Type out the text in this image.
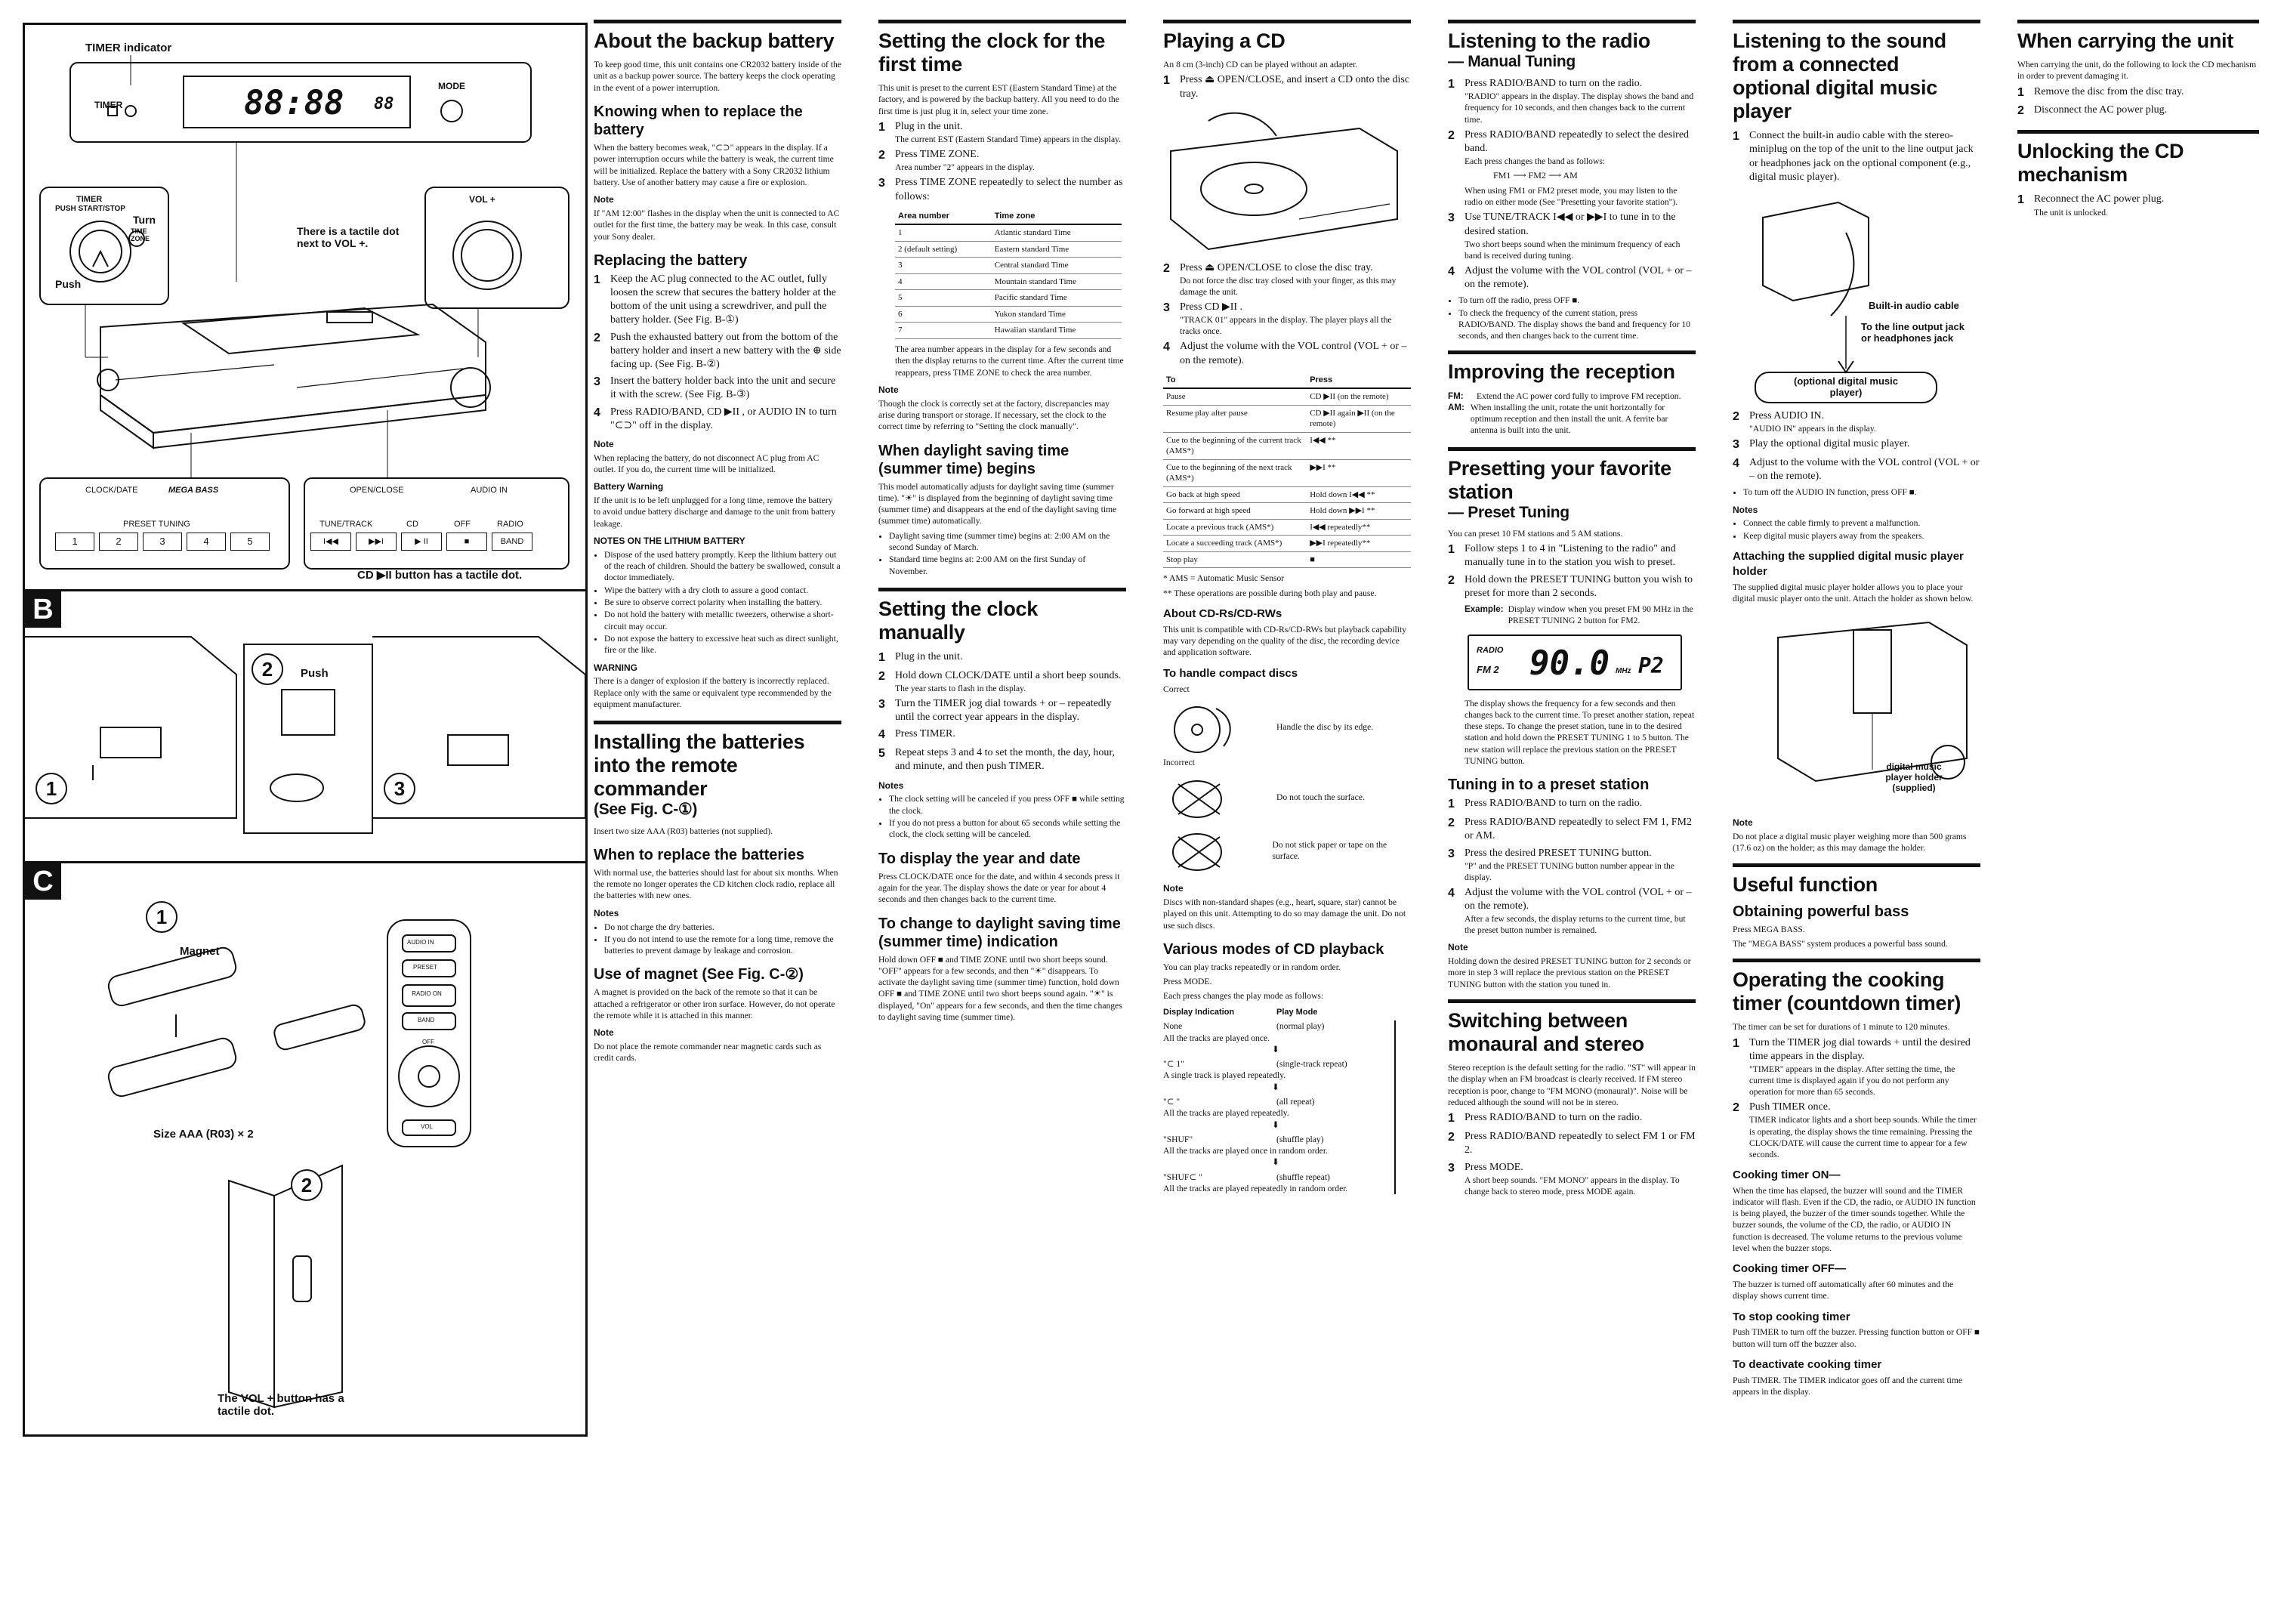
TIMER indicator
TIMER
MODE
88:88 88
TIMER
PUSH START/STOP
Turn
TIME ZONE
Push
VOL +
There is a tactile dot next to VOL +.
CLOCK/DATE	MEGA BASS
PRESET TUNING
1	2	3	4	5
OPEN/CLOSE	AUDIO IN
TUNE/TRACK	CD	OFF	RADIO
I◀◀	▶▶I	▶ II	■	BAND
CD ▶II button has a tactile dot.
B
1
2	Push
3
C
1
Magnet
Size AAA (R03) × 2
AUDIO IN
PRESET
RADIO ON
BAND
OFF
VOL
2
The VOL + button has a tactile dot.
About the backup battery

To keep good time, this unit contains one CR2032 battery inside of the unit as a backup power source. The battery keeps the clock operating in the event of a power interruption.

Knowing when to replace the battery

When the battery becomes weak, "⊂⊃" appears in the display. If a power interruption occurs while the battery is weak, the current time will be initialized. Replace the battery with a Sony CR2032 lithium battery. Use of another battery may cause a fire or explosion.

Note

If "AM 12:00" flashes in the display when the unit is connected to AC outlet for the first time, the battery may be weak. In this case, consult your Sony dealer.

Replacing the battery
1 Keep the AC plug connected to the AC outlet, fully loosen the screw that secures the battery holder at the bottom of the unit using a screwdriver, and pull the battery holder. (See Fig. B-①)
2 Push the exhausted battery out from the bottom of the battery holder and insert a new battery with the ⊕ side facing up. (See Fig. B-②)
3 Insert the battery holder back into the unit and secure it with the screw. (See Fig. B-③)
4 Press RADIO/BAND, CD ▶II , or AUDIO IN to turn "⊂⊃" off in the display.
Note

When replacing the battery, do not disconnect AC plug from AC outlet. If you do, the current time will be initialized.

Battery Warning

If the unit is to be left unplugged for a long time, remove the battery to avoid undue battery discharge and damage to the unit from battery leakage.

NOTES ON THE LITHIUM BATTERY
• Dispose of the used battery promptly. Keep the lithium battery out of the reach of children. Should the battery be swallowed, consult a doctor immediately.
• Wipe the battery with a dry cloth to assure a good contact.
• Be sure to observe correct polarity when installing the battery.
• Do not hold the battery with metallic tweezers, otherwise a short-circuit may occur.
• Do not expose the battery to excessive heat such as direct sunlight, fire or the like.
WARNING

There is a danger of explosion if the battery is incorrectly replaced. Replace only with the same or equivalent type recommended by the equipment manufacturer.

Installing the batteries into the remote commander
(See Fig. C-①)

Insert two size AAA (R03) batteries (not supplied).

When to replace the batteries

With normal use, the batteries should last for about six months. When the remote no longer operates the CD kitchen clock radio, replace all the batteries with new ones.

Notes
• Do not charge the dry batteries.
• If you do not intend to use the remote for a long time, remove the batteries to prevent damage by leakage and corrosion.
Use of magnet (See Fig. C-②)

A magnet is provided on the back of the remote so that it can be attached a refrigerator or other iron surface. However, do not operate the remote while it is attached in this manner.

Note

Do not place the remote commander near magnetic cards such as credit cards.

Setting the clock for the first time

This unit is preset to the current EST (Eastern Standard Time) at the factory, and is powered by the backup battery. All you need to do the first time is just plug it in, select your time zone.

1 Plug in the unit.
The current EST (Eastern Standard Time) appears in the display.
2 Press TIME ZONE.
Area number "2" appears in the display.
3 Press TIME ZONE repeatedly to select the number as follows:
Area number	Time zone
1	Atlantic standard Time
2 (default setting)	Eastern standard Time
3	Central standard Time
4	Mountain standard Time
5	Pacific standard Time
6	Yukon standard Time
7	Hawaiian standard Time

The area number appears in the display for a few seconds and then the display returns to the current time. After the current time reappears, press TIME ZONE to check the area number.

Note

Though the clock is correctly set at the factory, discrepancies may arise during transport or storage. If necessary, set the clock to the correct time by referring to "Setting the clock manually".

When daylight saving time (summer time) begins

This model automatically adjusts for daylight saving time (summer time). "☀" is displayed from the beginning of daylight saving time (summer time) and disappears at the end of the daylight saving time (summer time) automatically.

• Daylight saving time (summer time) begins at: 2:00 AM on the second Sunday of March.
• Standard time begins at: 2:00 AM on the first Sunday of November.
Setting the clock manually
1 Plug in the unit.
2 Hold down CLOCK/DATE until a short beep sounds.
The year starts to flash in the display.
3 Turn the TIMER jog dial towards + or – repeatedly until the correct year appears in the display.
4 Press TIMER.
5 Repeat steps 3 and 4 to set the month, the day, hour, and minute, and then push TIMER.
Notes
• The clock setting will be canceled if you press OFF ■ while setting the clock.
• If you do not press a button for about 65 seconds while setting the clock, the clock setting will be canceled.
To display the year and date

Press CLOCK/DATE once for the date, and within 4 seconds press it again for the year. The display shows the date or year for about 4 seconds and then changes back to the current time.

To change to daylight saving time (summer time) indication

Hold down OFF ■ and TIME ZONE until two short beeps sound. "OFF" appears for a few seconds, and then "☀" disappears. To activate the daylight saving time (summer time) function, hold down OFF ■ and TIME ZONE until two short beeps sound again. "☀" is displayed, "On" appears for a few seconds, and then the time changes to daylight saving time (summer time).

Playing a CD

An 8 cm (3-inch) CD can be played without an adapter.

1 Press ⏏ OPEN/CLOSE, and insert a CD onto the disc tray.
2 Press ⏏ OPEN/CLOSE to close the disc tray.
Do not force the disc tray closed with your finger, as this may damage the unit.
3 Press CD ▶II .
"TRACK 01" appears in the display. The player plays all the tracks once.
4 Adjust the volume with the VOL control (VOL + or – on the remote).
To	Press
Pause	CD ▶II (on the remote)
Resume play after pause	CD ▶II again ▶II (on the remote)
Cue to the beginning of the current track (AMS*)	I◀◀ **
Cue to the beginning of the next track (AMS*)	▶▶I **
Go back at high speed	Hold down I◀◀ **
Go forward at high speed	Hold down ▶▶I **
Locate a previous track (AMS*)	I◀◀ repeatedly**
Locate a succeeding track (AMS*)	▶▶I repeatedly**
Stop play	■

* AMS = Automatic Music Sensor

** These operations are possible during both play and pause.

About CD-Rs/CD-RWs

This unit is compatible with CD-Rs/CD-RWs but playback capability may vary depending on the quality of the disc, the recording device and application software.

To handle compact discs

Correct

Handle the disc by its edge.

Incorrect

Do not touch the surface.
Do not stick paper or tape on the surface.
Note

Discs with non-standard shapes (e.g., heart, square, star) cannot be played on this unit. Attempting to do so may damage the unit. Do not use such discs.

Various modes of CD playback

You can play tracks repeatedly or in random order.

Press MODE.

Each press changes the play mode as follows:

Display Indication	Play Mode
None	(normal play)
All the tracks are played once.
⬇
"⊂ 1"	(single-track repeat)
A single track is played repeatedly.
⬇
"⊂ "	(all repeat)
All the tracks are played repeatedly.
⬇
"SHUF"	(shuffle play)
All the tracks are played once in random order.
⬇
"SHUF⊂ "	(shuffle repeat)
All the tracks are played repeatedly in random order.
Listening to the radio
— Manual Tuning
1 Press RADIO/BAND to turn on the radio.
"RADIO" appears in the display. The display shows the band and frequency for 10 seconds, and then changes back to the current time.
2 Press RADIO/BAND repeatedly to select the desired band.
Each press changes the band as follows:
FM1 ⟶ FM2 ⟶ AM

When using FM1 or FM2 preset mode, you may listen to the radio on either mode (See "Presetting your favorite station").

3 Use TUNE/TRACK I◀◀ or ▶▶I to tune in to the desired station.
Two short beeps sound when the minimum frequency of each band is received during tuning.
4 Adjust the volume with the VOL control (VOL + or – on the remote).
• To turn off the radio, press OFF ■.
• To check the frequency of the current station, press RADIO/BAND. The display shows the band and frequency for 10 seconds, and then changes back to the current time.
Improving the reception
FM:	Extend the AC power cord fully to improve FM reception.
AM: When installing the unit, rotate the unit horizontally for optimum reception and then install the unit. A ferrite bar antenna is built into the unit.
Presetting your favorite station
— Preset Tuning

You can preset 10 FM stations and 5 AM stations.

1 Follow steps 1 to 4 in "Listening to the radio" and manually tune in to the station you wish to preset.
2 Hold down the PRESET TUNING button you wish to preset for more than 2 seconds.
Example: Display window when you preset FM 90 MHz in the PRESET TUNING 2 button for FM2.
RADIO
FM 2 90.0 MHz P2

The display shows the frequency for a few seconds and then changes back to the current time. To preset another station, repeat these steps. To change the preset station, tune in to the desired station and hold down the PRESET TUNING 1 to 5 button. The new station will replace the previous station on the PRESET TUNING button.

Tuning in to a preset station
1 Press RADIO/BAND to turn on the radio.
2 Press RADIO/BAND repeatedly to select FM 1, FM2 or AM.
3 Press the desired PRESET TUNING button.
"P" and the PRESET TUNING button number appear in the display.
4 Adjust the volume with the VOL control (VOL + or – on the remote).
After a few seconds, the display returns to the current time, but the preset button number is remained.
Note

Holding down the desired PRESET TUNING button for 2 seconds or more in step 3 will replace the previous station on the PRESET TUNING button with the station you tuned in.

Switching between monaural and stereo

Stereo reception is the default setting for the radio. "ST" will appear in the display when an FM broadcast is clearly received. If FM stereo reception is poor, change to "FM MONO (monaural)". Noise will be reduced although the sound will not be in stereo.

1 Press RADIO/BAND to turn on the radio.
2 Press RADIO/BAND repeatedly to select FM 1 or FM 2.
3 Press MODE.
A short beep sounds. "FM MONO" appears in the display. To change back to stereo mode, press MODE again.
Listening to the sound from a connected optional digital music player
1 Connect the built-in audio cable with the stereo-miniplug on the top of the unit to the line output jack or headphones jack on the optional component (e.g., digital music player).
Built-in audio cable
To the line output jack or headphones jack
(optional digital music player)
2 Press AUDIO IN.
"AUDIO IN" appears in the display.
3 Play the optional digital music player.
4 Adjust to the volume with the VOL control (VOL + or – on the remote).
• To turn off the AUDIO IN function, press OFF ■.
Notes
• Connect the cable firmly to prevent a malfunction.
• Keep digital music players away from the speakers.
Attaching the supplied digital music player holder

The supplied digital music player holder allows you to place your digital music player onto the unit. Attach the holder as shown below.

digital music player holder (supplied)
Note

Do not place a digital music player weighing more than 500 grams (17.6 oz) on the holder; as this may damage the holder.

Useful function
Obtaining powerful bass

Press MEGA BASS.

The "MEGA BASS" system produces a powerful bass sound.

Operating the cooking timer (countdown timer)

The timer can be set for durations of 1 minute to 120 minutes.

1 Turn the TIMER jog dial towards + until the desired time appears in the display.
"TIMER" appears in the display. After setting the time, the current time is displayed again if you do not perform any operation for more than 65 seconds.
2 Push TIMER once.
TIMER indicator lights and a short beep sounds. While the timer is operating, the display shows the time remaining. Pressing the CLOCK/DATE will cause the current time to appear for a few seconds.
Cooking timer ON—

When the time has elapsed, the buzzer will sound and the TIMER indicator will flash. Even if the CD, the radio, or AUDIO IN function is being played, the buzzer of the timer sounds together. While the buzzer sounds, the volume of the CD, the radio, or AUDIO IN function is decreased. The volume returns to the previous volume level when the buzzer stops.

Cooking timer OFF—

The buzzer is turned off automatically after 60 minutes and the display shows current time.

To stop cooking timer

Push TIMER to turn off the buzzer. Pressing function button or OFF ■ button will turn off the buzzer also.

To deactivate cooking timer

Push TIMER. The TIMER indicator goes off and the current time appears in the display.

When carrying the unit

When carrying the unit, do the following to lock the CD mechanism in order to prevent damaging it.

1 Remove the disc from the disc tray.
2 Disconnect the AC power plug.
Unlocking the CD mechanism
1 Reconnect the AC power plug.
The unit is unlocked.
